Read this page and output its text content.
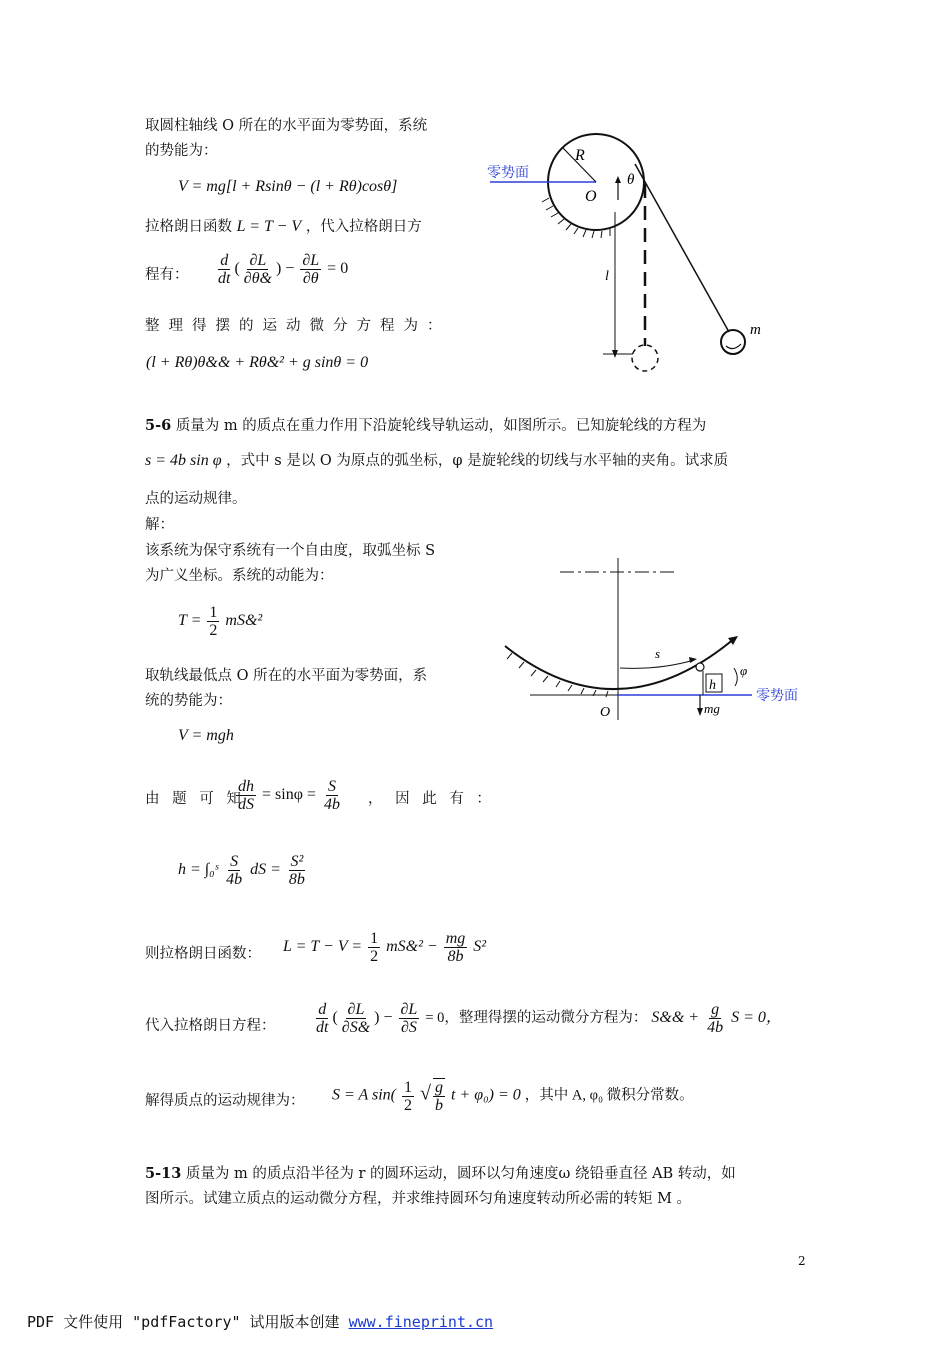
取圆柱轴线 O 所在的水平面为零势面，系统
的势能为：
V = mg[l + Rsinθ − (l + Rθ)cosθ]
拉格朗日函数 L = T − V ，代入拉格朗日方
程有： $\frac{d}{dt}$ ( $\frac{\partial L}{\partial\theta\&}$ ) − $\frac{\partial L}{\partial\theta} = 0$
整理得摆的运动微分方程为：
(l + Rθ)θ&& + Rθ&² + g sinθ = 0
零势面
R
O
θ
m
l
5-6 质量为 m 的质点在重力作用下沿旋轮线导轨运动，如图所示。已知旋轮线的方程为
s = 4b sin φ ，式中 s 是以 O 为原点的弧坐标，φ 是旋轮线的切线与水平轴的夹角。试求质
点的运动规律。
解：
该系统为保守系统有一个自由度，取弧坐标 S
为广义坐标。系统的动能为：
$T = \frac{1}{2}$ mS&²
取轨线最低点 O 所在的水平面为零势面，系
统的势能为：
V = mgh
由 题 可 知
$\frac{dh}{dS} = \sin\varphi = \frac{S}{4b}$ ， 因 此 有 ：
h = ∫₀ˢ $\frac{S}{4b}$ dS = $\frac{\text{S²}}{8b}$
则拉格朗日函数： $L = T - V = \frac{1}{2}$ mS&² − $\frac{mg}{8b} S^2$
代入拉格朗日方程： $\frac{d}{dt}$ ( $\frac{\partial L}{\partial S\&}$ ) − $\frac{\partial L}{\partial S} = 0$，整理得摆的运动微分方程为： S&& + $\frac{g}{4b}$ S = 0，
解得质点的运动规律为： S = A $\sin( \frac{1}{2}$ √ $\frac{g}{b}$ t + φ₀) = 0 ，其中 A, φ₀ 微积分常数。
零势面
s
h
mg
φ
O
5-13 质量为 m 的质点沿半径为 r 的圆环运动，圆环以匀角速度ω 绕铅垂直径 AB 转动，如
图所示。试建立质点的运动微分方程，并求维持圆环匀角速度转动所必需的转矩 M 。
2
PDF 文件使用 "pdfFactory" 试用版本创建 www.fineprint.cn
